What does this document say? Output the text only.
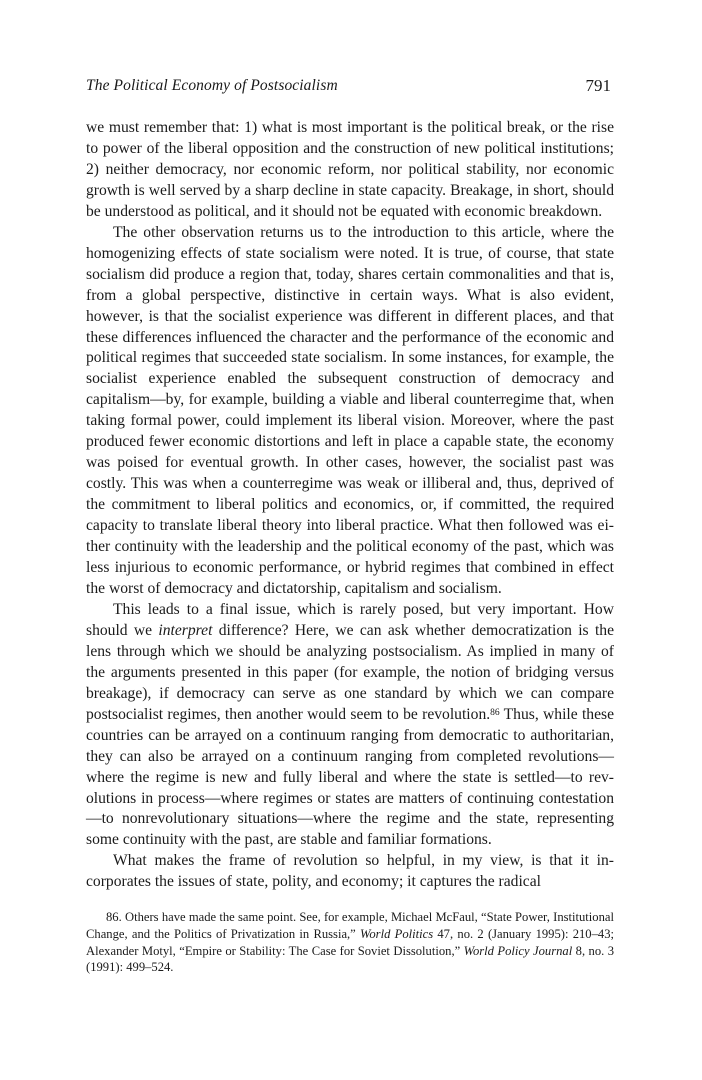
The Political Economy of Postsocialism	791

we must remember that: 1) what is most important is the political break, or the rise to power of the liberal opposition and the construction of new political institutions; 2) neither democracy, nor economic reform, nor political stability, nor economic growth is well served by a sharp decline in state capacity. Breakage, in short, should be understood as political, and it should not be equated with economic breakdown.

The other observation returns us to the introduction to this article, where the homogenizing effects of state socialism were noted. It is true, of course, that state socialism did produce a region that, today, shares certain commonalities and that is, from a global perspective, distinctive in certain ways. What is also evident, however, is that the socialist experience was different in different places, and that these differences influenced the character and the performance of the economic and political regimes that succeeded state socialism. In some instances, for example, the socialist experience enabled the subsequent construction of democracy and capitalism—by, for example, building a viable and liberal counterregime that, when taking formal power, could implement its liberal vision. Moreover, where the past produced fewer economic distortions and left in place a capable state, the economy was poised for eventual growth. In other cases, however, the socialist past was costly. This was when a counterregime was weak or illiberal and, thus, deprived of the commitment to liberal politics and economics, or, if committed, the required capacity to translate liberal theory into liberal practice. What then followed was either continuity with the leadership and the political economy of the past, which was less injurious to economic performance, or hybrid regimes that combined in effect the worst of democracy and dictatorship, capitalism and socialism.

This leads to a final issue, which is rarely posed, but very important. How should we interpret difference? Here, we can ask whether democratization is the lens through which we should be analyzing postsocialism. As implied in many of the arguments presented in this paper (for example, the notion of bridging versus breakage), if democracy can serve as one standard by which we can compare postsocialist regimes, then another would seem to be revolution.$^{86}$ Thus, while these countries can be arrayed on a continuum ranging from democratic to authoritarian, they can also be arrayed on a continuum ranging from completed revolutions—where the regime is new and fully liberal and where the state is settled—to revolutions in process—where regimes or states are matters of continuing contestation—to nonrevolutionary situations—where the regime and the state, representing some continuity with the past, are stable and familiar formations.

What makes the frame of revolution so helpful, in my view, is that it incorporates the issues of state, polity, and economy; it captures the radical

86. Others have made the same point. See, for example, Michael McFaul, “State Power, Institutional Change, and the Politics of Privatization in Russia,” World Politics 47, no. 2 (January 1995): 210–43; Alexander Motyl, “Empire or Stability: The Case for Soviet Dissolution,” World Policy Journal 8, no. 3 (1991): 499–524.
